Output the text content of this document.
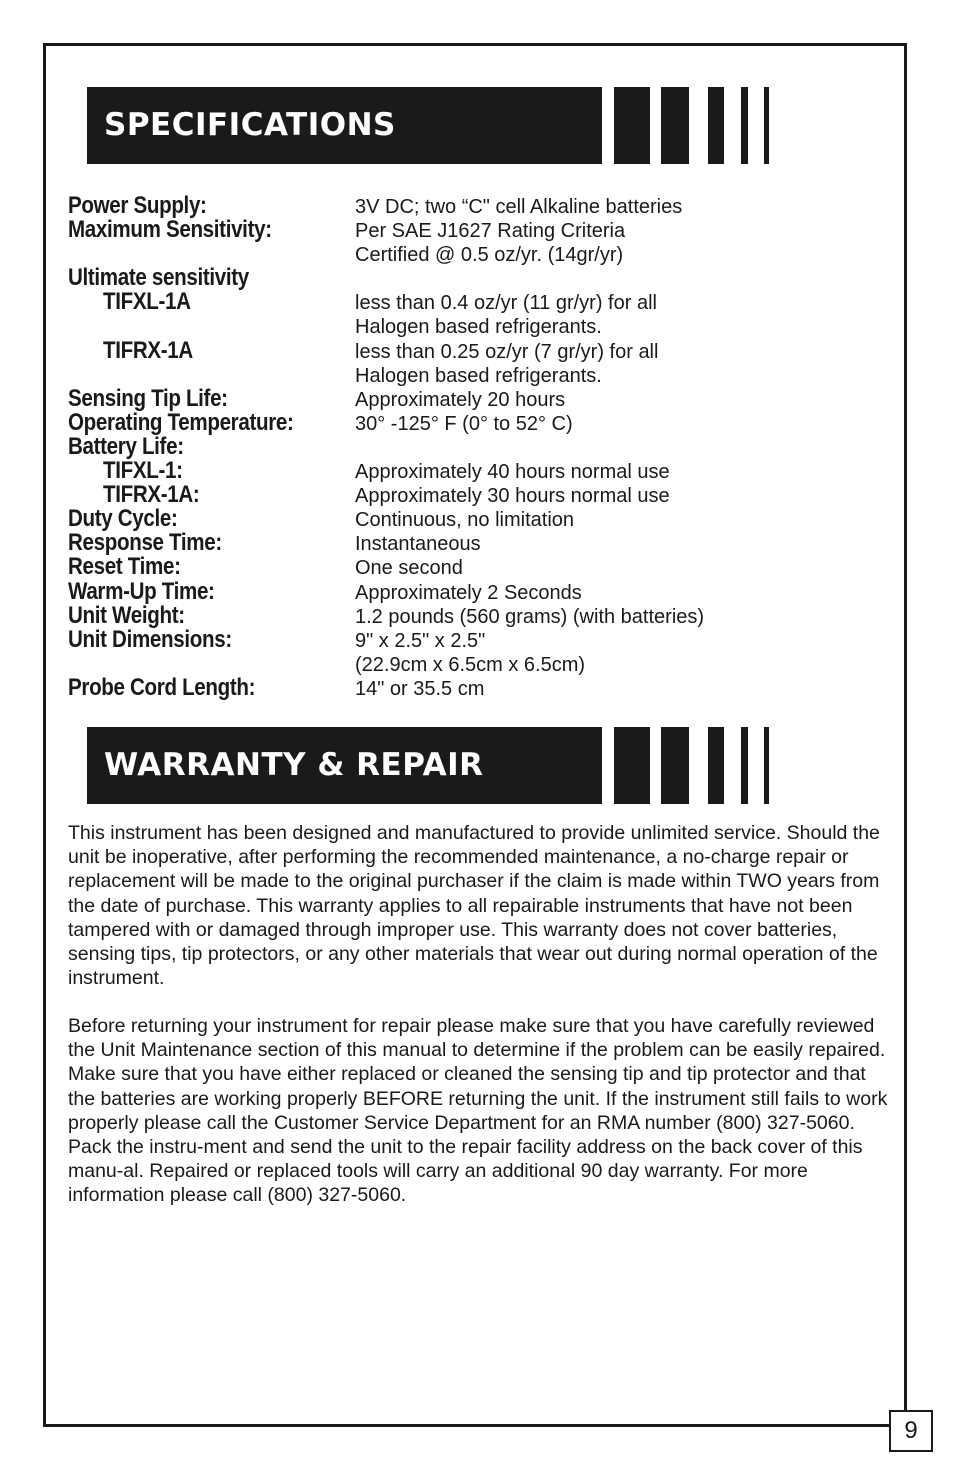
SPECIFICATIONS
Power Supply:	3V DC; two “C" cell Alkaline batteries
Maximum Sensitivity:	Per SAE J1627 Rating Criteria
Certified @ 0.5 oz/yr. (14gr/yr)
Ultimate sensitivity
TIFXL-1A	less than 0.4 oz/yr (11 gr/yr) for all
Halogen based refrigerants.
TIFRX-1A	less than 0.25 oz/yr (7 gr/yr) for all
Halogen based refrigerants.
Sensing Tip Life:	Approximately 20 hours
Operating Temperature:	30° -125° F (0° to 52° C)
Battery Life:
TIFXL-1:	Approximately 40 hours normal use
TIFRX-1A:	Approximately 30 hours normal use
Duty Cycle:	Continuous, no limitation
Response Time:	Instantaneous
Reset Time:	One second
Warm-Up Time:	Approximately 2 Seconds
Unit Weight:	1.2 pounds (560 grams) (with batteries)
Unit Dimensions:	9" x 2.5" x 2.5"
(22.9cm x 6.5cm x 6.5cm)
Probe Cord Length:	14" or 35.5 cm
WARRANTY & REPAIR

This instrument has been designed and manufactured to provide unlimited service. Should the unit be inoperative, after performing the recommended maintenance, a no-charge repair or replacement will be made to the original purchaser if the claim is made within TWO years from the date of purchase. This warranty applies to all repairable instruments that have not been tampered with or damaged through improper use. This warranty does not cover batteries, sensing tips, tip protectors, or any other materials that wear out during normal operation of the instrument.

Before returning your instrument for repair please make sure that you have carefully reviewed the Unit Maintenance section of this manual to determine if the problem can be easily repaired. Make sure that you have either replaced or cleaned the sensing tip and tip protector and that the batteries are working properly BEFORE returning the unit. If the instrument still fails to work properly please call the Customer Service Department for an RMA number (800) 327-5060. Pack the instru-ment and send the unit to the repair facility address on the back cover of this manu-al. Repaired or replaced tools will carry an additional 90 day warranty. For more information please call (800) 327-5060.

9
